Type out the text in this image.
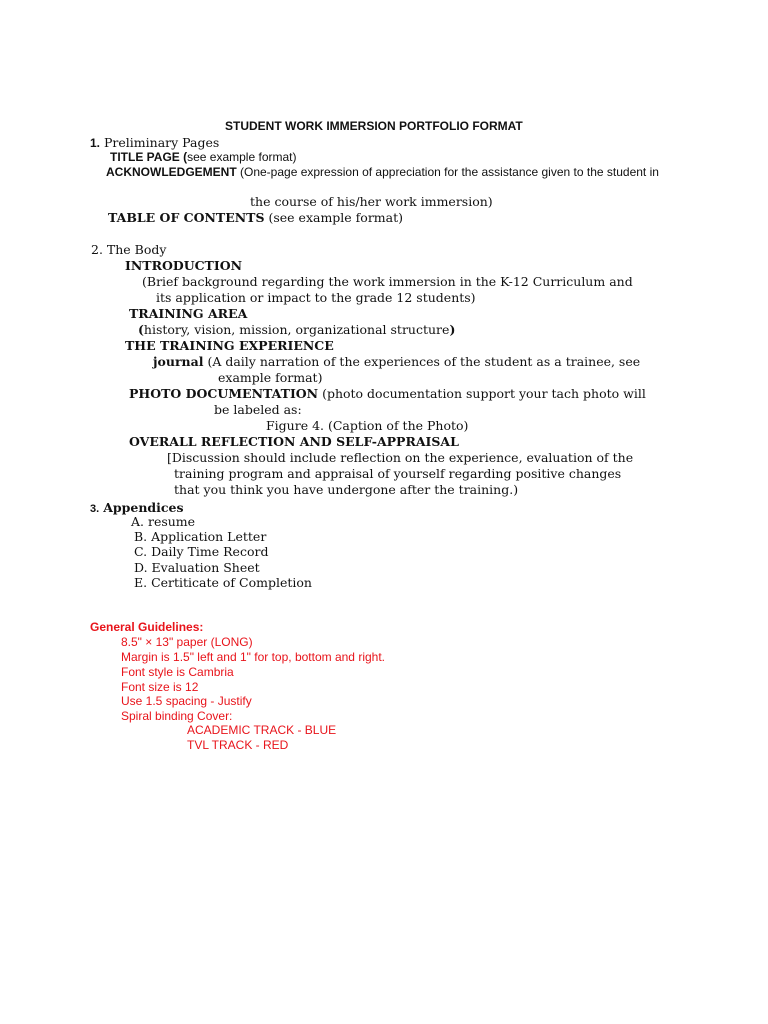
STUDENT WORK IMMERSION PORTFOLIO FORMAT

1. Preliminary Pages

TITLE PAGE (see example format)

ACKNOWLEDGEMENT (One-page expression of appreciation for the assistance given to the student in

the course of his/her work immersion)

TABLE OF CONTENTS (see example format)

2. The Body

INTRODUCTION

(Brief background regarding the work immersion in the K-12 Curriculum and

its application or impact to the grade 12 students)

TRAINING AREA

(history, vision, mission, organizational structure)

THE TRAINING EXPERIENCE

journal (A daily narration of the experiences of the student as a trainee, see

example format)

PHOTO DOCUMENTATION (photo documentation support your tach photo will

be labeled as:

Figure 4. (Caption of the Photo)

OVERALL REFLECTION AND SELF-APPRAISAL

[Discussion should include reflection on the experience, evaluation of the

training program and appraisal of yourself regarding positive changes

that you think you have undergone after the training.)

3. Appendices

A. resume

B. Application Letter

C. Daily Time Record

D. Evaluation Sheet

E. Certiticate of Completion

General Guidelines:

8.5" × 13" paper (LONG)

Margin is 1.5" left and 1" for top, bottom and right.

Font style is Cambria

Font size is 12

Use 1.5 spacing - Justify

Spiral binding Cover:

ACADEMIC TRACK - BLUE

TVL TRACK - RED
